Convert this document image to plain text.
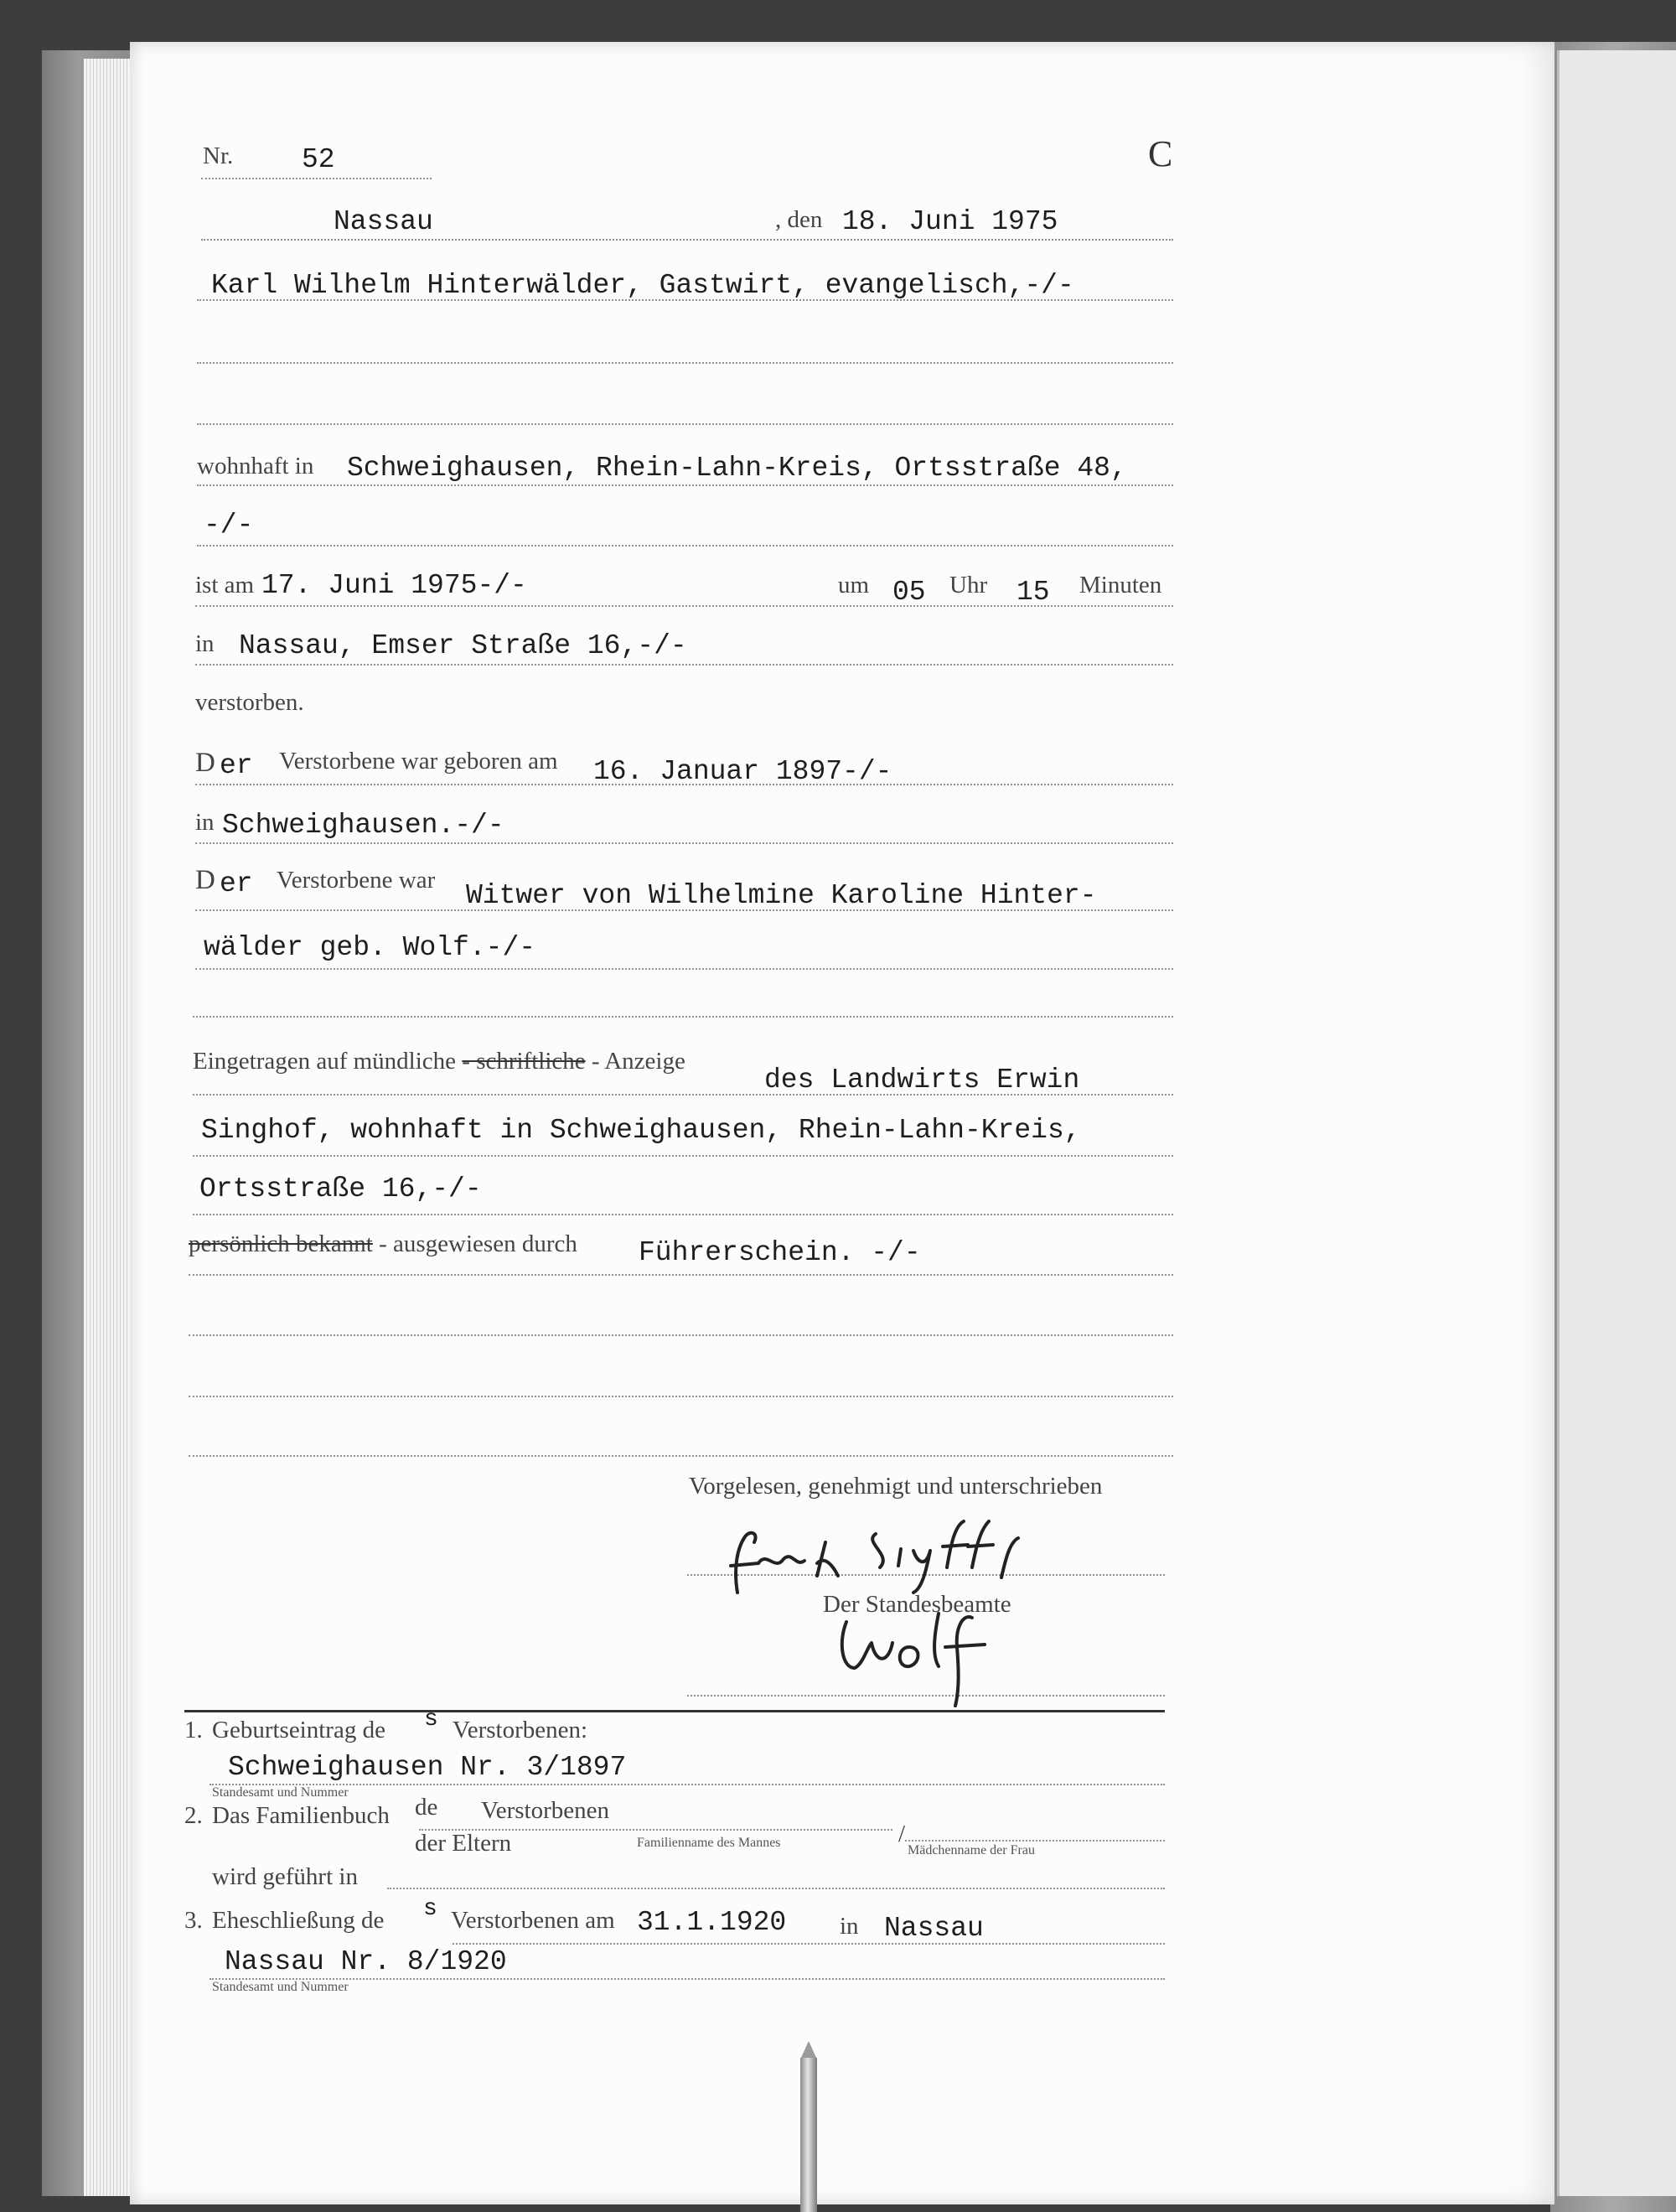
Nr. 52	C
Nassau	, den 18. Juni 1975
Karl Wilhelm Hinterwälder, Gastwirt, evangelisch,-/-
wohnhaft in Schweighausen, Rhein-Lahn-Kreis, Ortsstraße 48,
-/-
ist am 17. Juni 1975-/-	um 05 Uhr 15 Minuten
in Nassau, Emser Straße 16,-/-
verstorben.
D er Verstorbene war geboren am 16. Januar 1897-/-
in Schweighausen.-/-
D er Verstorbene war Witwer von Wilhelmine Karoline Hinter-
wälder geb. Wolf.-/-
Eingetragen auf mündliche - schriftliche - Anzeige
des Landwirts Erwin
Singhof, wohnhaft in Schweighausen, Rhein-Lahn-Kreis,
Ortsstraße 16,-/-
persönlich bekannt - ausgewiesen durch Führerschein. -/-
Vorgelesen, genehmigt und unterschrieben
Der Standesbeamte
1. Geburtseintrag de s Verstorbenen:
Schweighausen Nr. 3/1897
Standesamt und Nummer
2. Das Familienbuch de Verstorbenen
/
der Eltern	Familienname des Mannes
Mädchenname der Frau
wird geführt in
3. Eheschließung de s Verstorbenen am 31.1.1920 in Nassau
Nassau Nr. 8/1920
Standesamt und Nummer
